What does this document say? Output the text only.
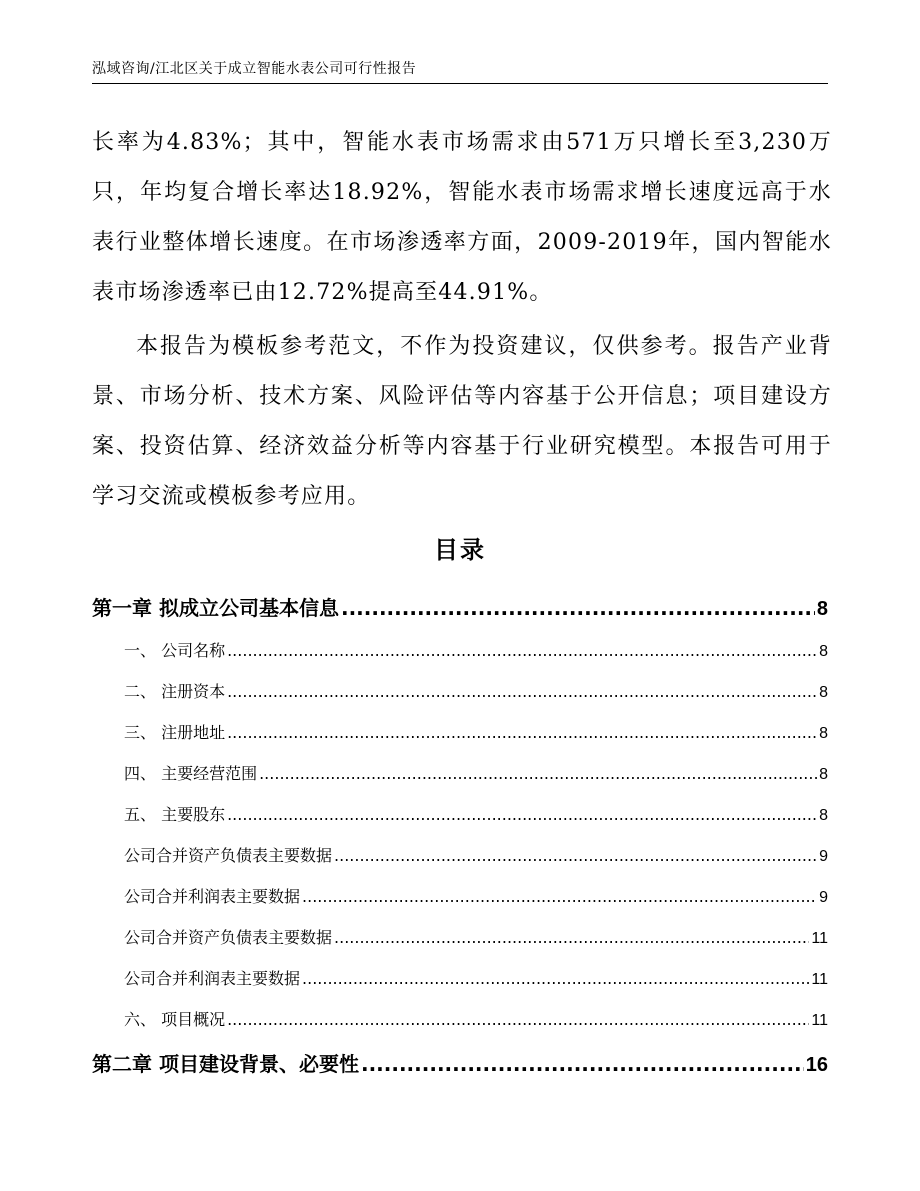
泓域咨询/江北区关于成立智能水表公司可行性报告

长率为4.83%；其中，智能水表市场需求由571万只增长至3,230万只，年均复合增长率达18.92%，智能水表市场需求增长速度远高于水表行业整体增长速度。在市场渗透率方面，2009-2019年，国内智能水表市场渗透率已由12.72%提高至44.91%。

本报告为模板参考范文，不作为投资建议，仅供参考。报告产业背景、市场分析、技术方案、风险评估等内容基于公开信息；项目建设方案、投资估算、经济效益分析等内容基于行业研究模型。本报告可用于学习交流或模板参考应用。

目录
第一章 拟成立公司基本信息 .....	8
一、 公司名称 .....	8
二、 注册资本 .....	8
三、 注册地址 .....	8
四、 主要经营范围 .....	8
五、 主要股东 .....	8
公司合并资产负债表主要数据 .....	9
公司合并利润表主要数据 .....	9
公司合并资产负债表主要数据 .....	11
公司合并利润表主要数据 .....	11
六、 项目概况 .....	11
第二章 项目建设背景、必要性 .....	16
